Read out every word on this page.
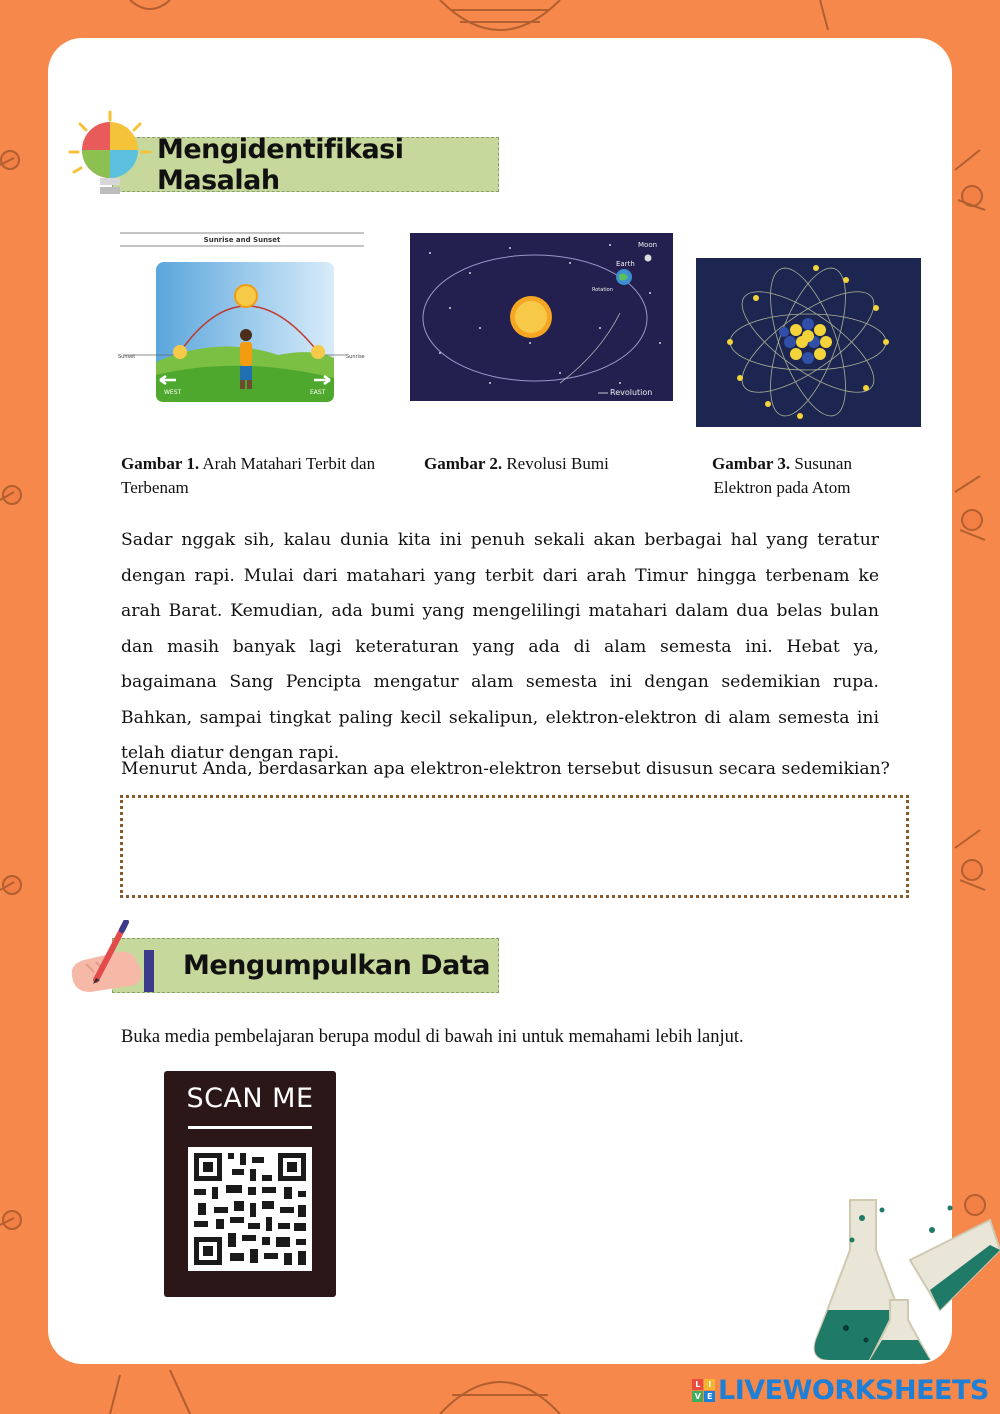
Mengidentifikasi Masalah
Sunrise and Sunset
Sunset	Sunrise
WEST	EAST
Moon
Earth
Rotation
Revolution
Gambar 1. Arah Matahari Terbit dan Terbenam
Gambar 2. Revolusi Bumi	Gambar 3. Susunan Elektron pada Atom

Sadar nggak sih, kalau dunia kita ini penuh sekali akan berbagai hal yang teratur dengan rapi. Mulai dari matahari yang terbit dari arah Timur hingga terbenam ke arah Barat. Kemudian, ada bumi yang mengelilingi matahari dalam dua belas bulan dan masih banyak lagi keteraturan yang ada di alam semesta ini. Hebat ya, bagaimana Sang Pencipta mengatur alam semesta ini dengan sedemikian rupa. Bahkan, sampai tingkat paling kecil sekalipun, elektron-elektron di alam semesta ini telah diatur dengan rapi.

Menurut Anda, berdasarkan apa elektron-elektron tersebut disusun secara sedemikian?
Mengumpulkan Data
Buka media pembelajaran berupa modul di bawah ini untuk memahami lebih lanjut.
SCAN ME
L	I
V E LIVEWORKSHEETS
